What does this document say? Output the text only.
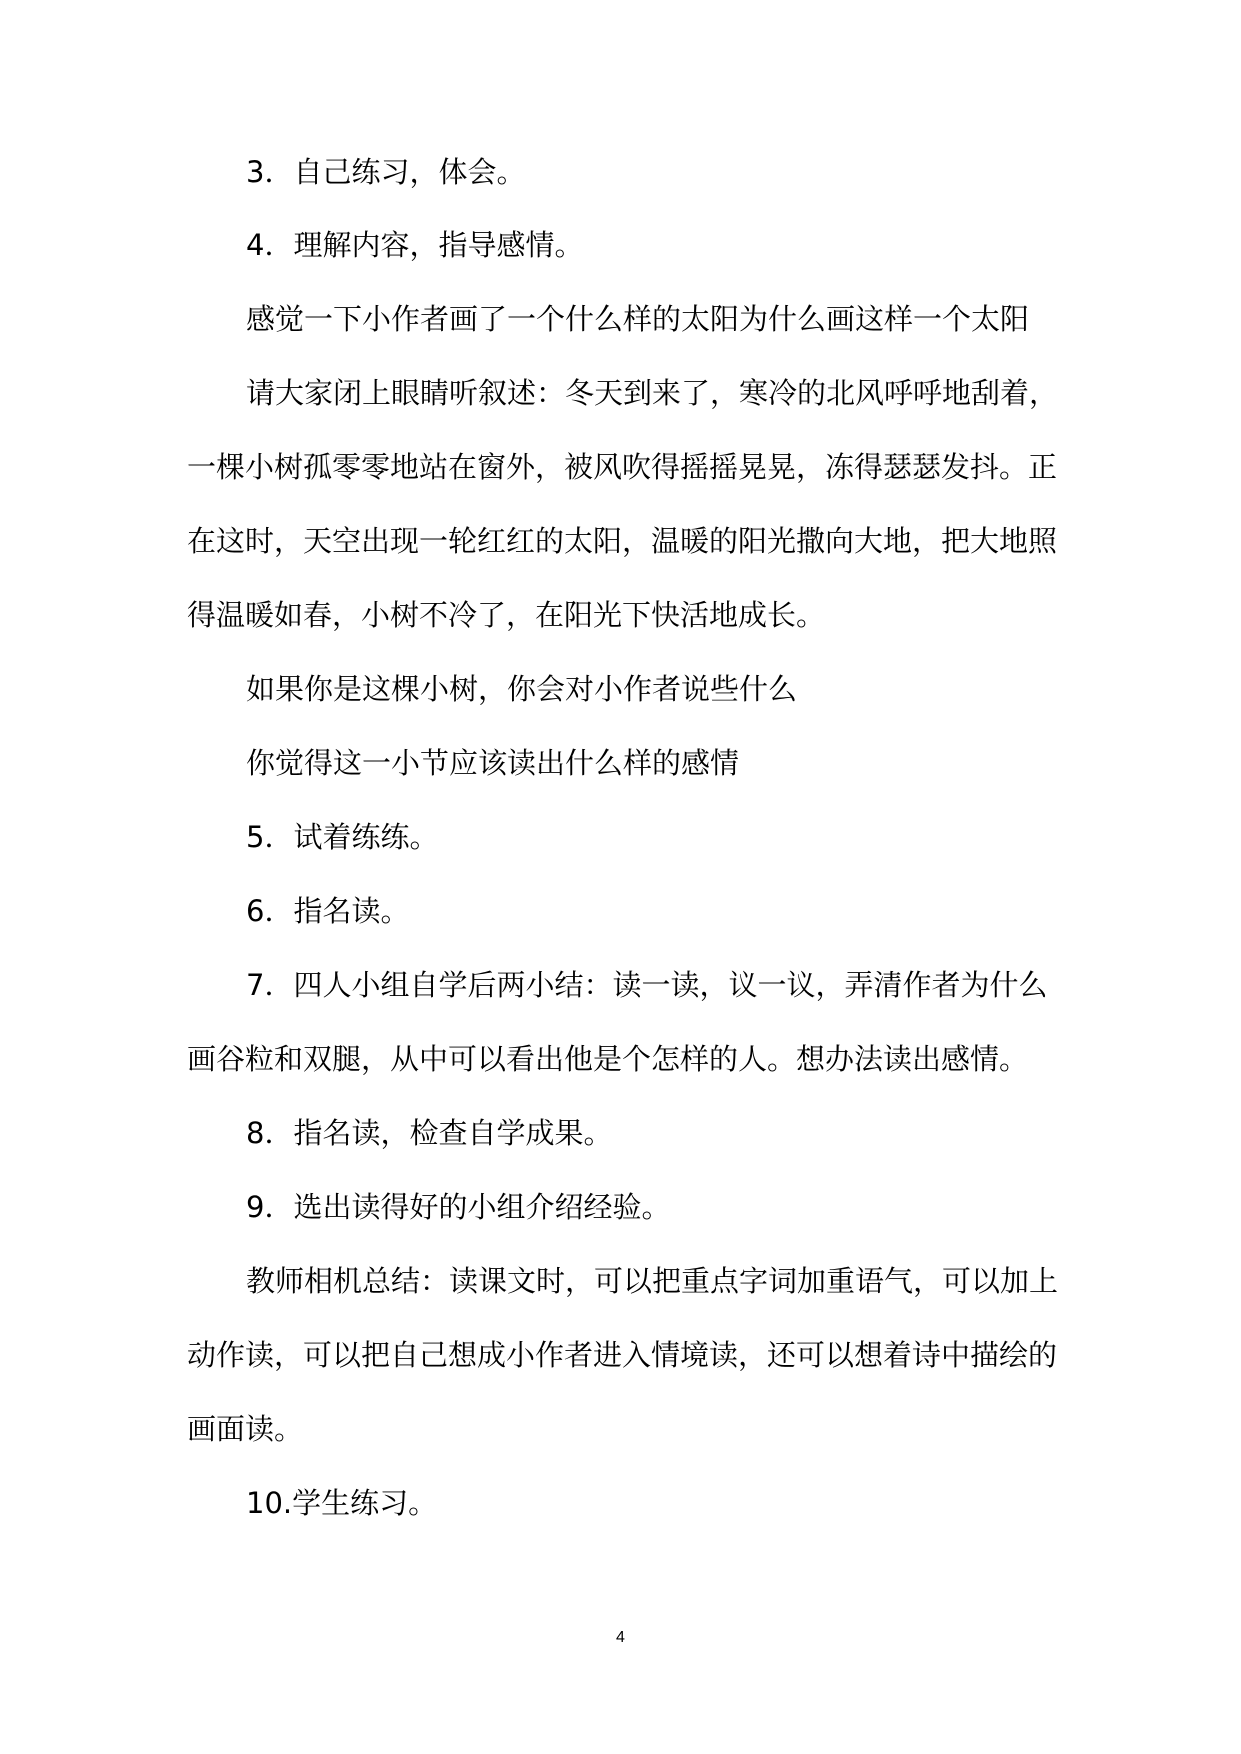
3．自己练习，体会。

4．理解内容，指导感情。

感觉一下小作者画了一个什么样的太阳为什么画这样一个太阳

请大家闭上眼睛听叙述：冬天到来了，寒冷的北风呼呼地刮着，

一棵小树孤零零地站在窗外，被风吹得摇摇晃晃，冻得瑟瑟发抖。正

在这时，天空出现一轮红红的太阳，温暖的阳光撒向大地，把大地照

得温暖如春，小树不冷了，在阳光下快活地成长。

如果你是这棵小树，你会对小作者说些什么

你觉得这一小节应该读出什么样的感情

5．试着练练。

6．指名读。

7．四人小组自学后两小结：读一读，议一议，弄清作者为什么

画谷粒和双腿，从中可以看出他是个怎样的人。想办法读出感情。

8．指名读，检查自学成果。

9．选出读得好的小组介绍经验。

教师相机总结：读课文时，可以把重点字词加重语气，可以加上

动作读，可以把自己想成小作者进入情境读，还可以想着诗中描绘的

画面读。

10.学生练习。

4
